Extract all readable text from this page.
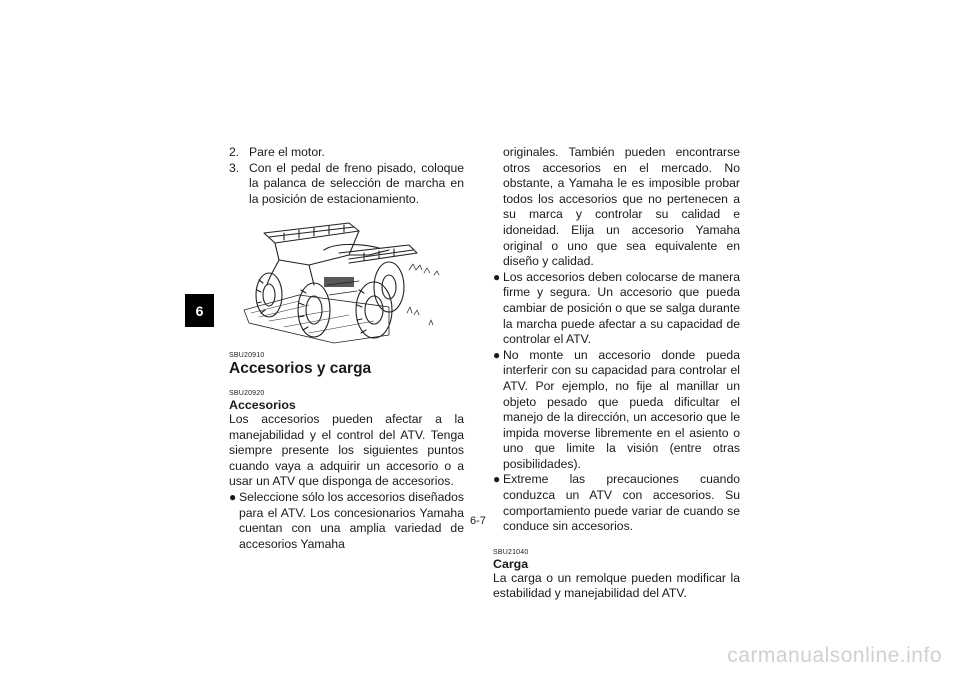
6
2. Pare el motor.
3. Con el pedal de freno pisado, coloque la palanca de selección de marcha en la posición de estacionamiento.
SBU20910
Accesorios y carga
SBU20920
Accesorios

Los accesorios pueden afectar a la manejabilidad y el control del ATV. Tenga siempre presente los siguientes puntos cuando vaya a adquirir un accesorio o a usar un ATV que disponga de accesorios.

● Seleccione sólo los accesorios diseñados para el ATV. Los concesionarios Yamaha cuentan con una amplia variedad de accesorios Yamaha
originales. También pueden encontrarse otros accesorios en el mercado. No obstante, a Yamaha le es imposible probar todos los accesorios que no pertenecen a su marca y controlar su calidad e idoneidad. Elija un accesorio Yamaha original o uno que sea equivalente en diseño y calidad.
● Los accesorios deben colocarse de manera firme y segura. Un accesorio que pueda cambiar de posición o que se salga durante la marcha puede afectar a su capacidad de controlar el ATV.
● No monte un accesorio donde pueda interferir con su capacidad para controlar el ATV. Por ejemplo, no fije al manillar un objeto pesado que pueda dificultar el manejo de la dirección, un accesorio que le impida moverse libremente en el asiento o uno que limite la visión (entre otras posibilidades).
● Extreme las precauciones cuando conduzca un ATV con accesorios. Su comportamiento puede variar de cuando se conduce sin accesorios.
SBU21040
Carga

La carga o un remolque pueden modificar la estabilidad y manejabilidad del ATV.

6-7
carmanualsonline.info
